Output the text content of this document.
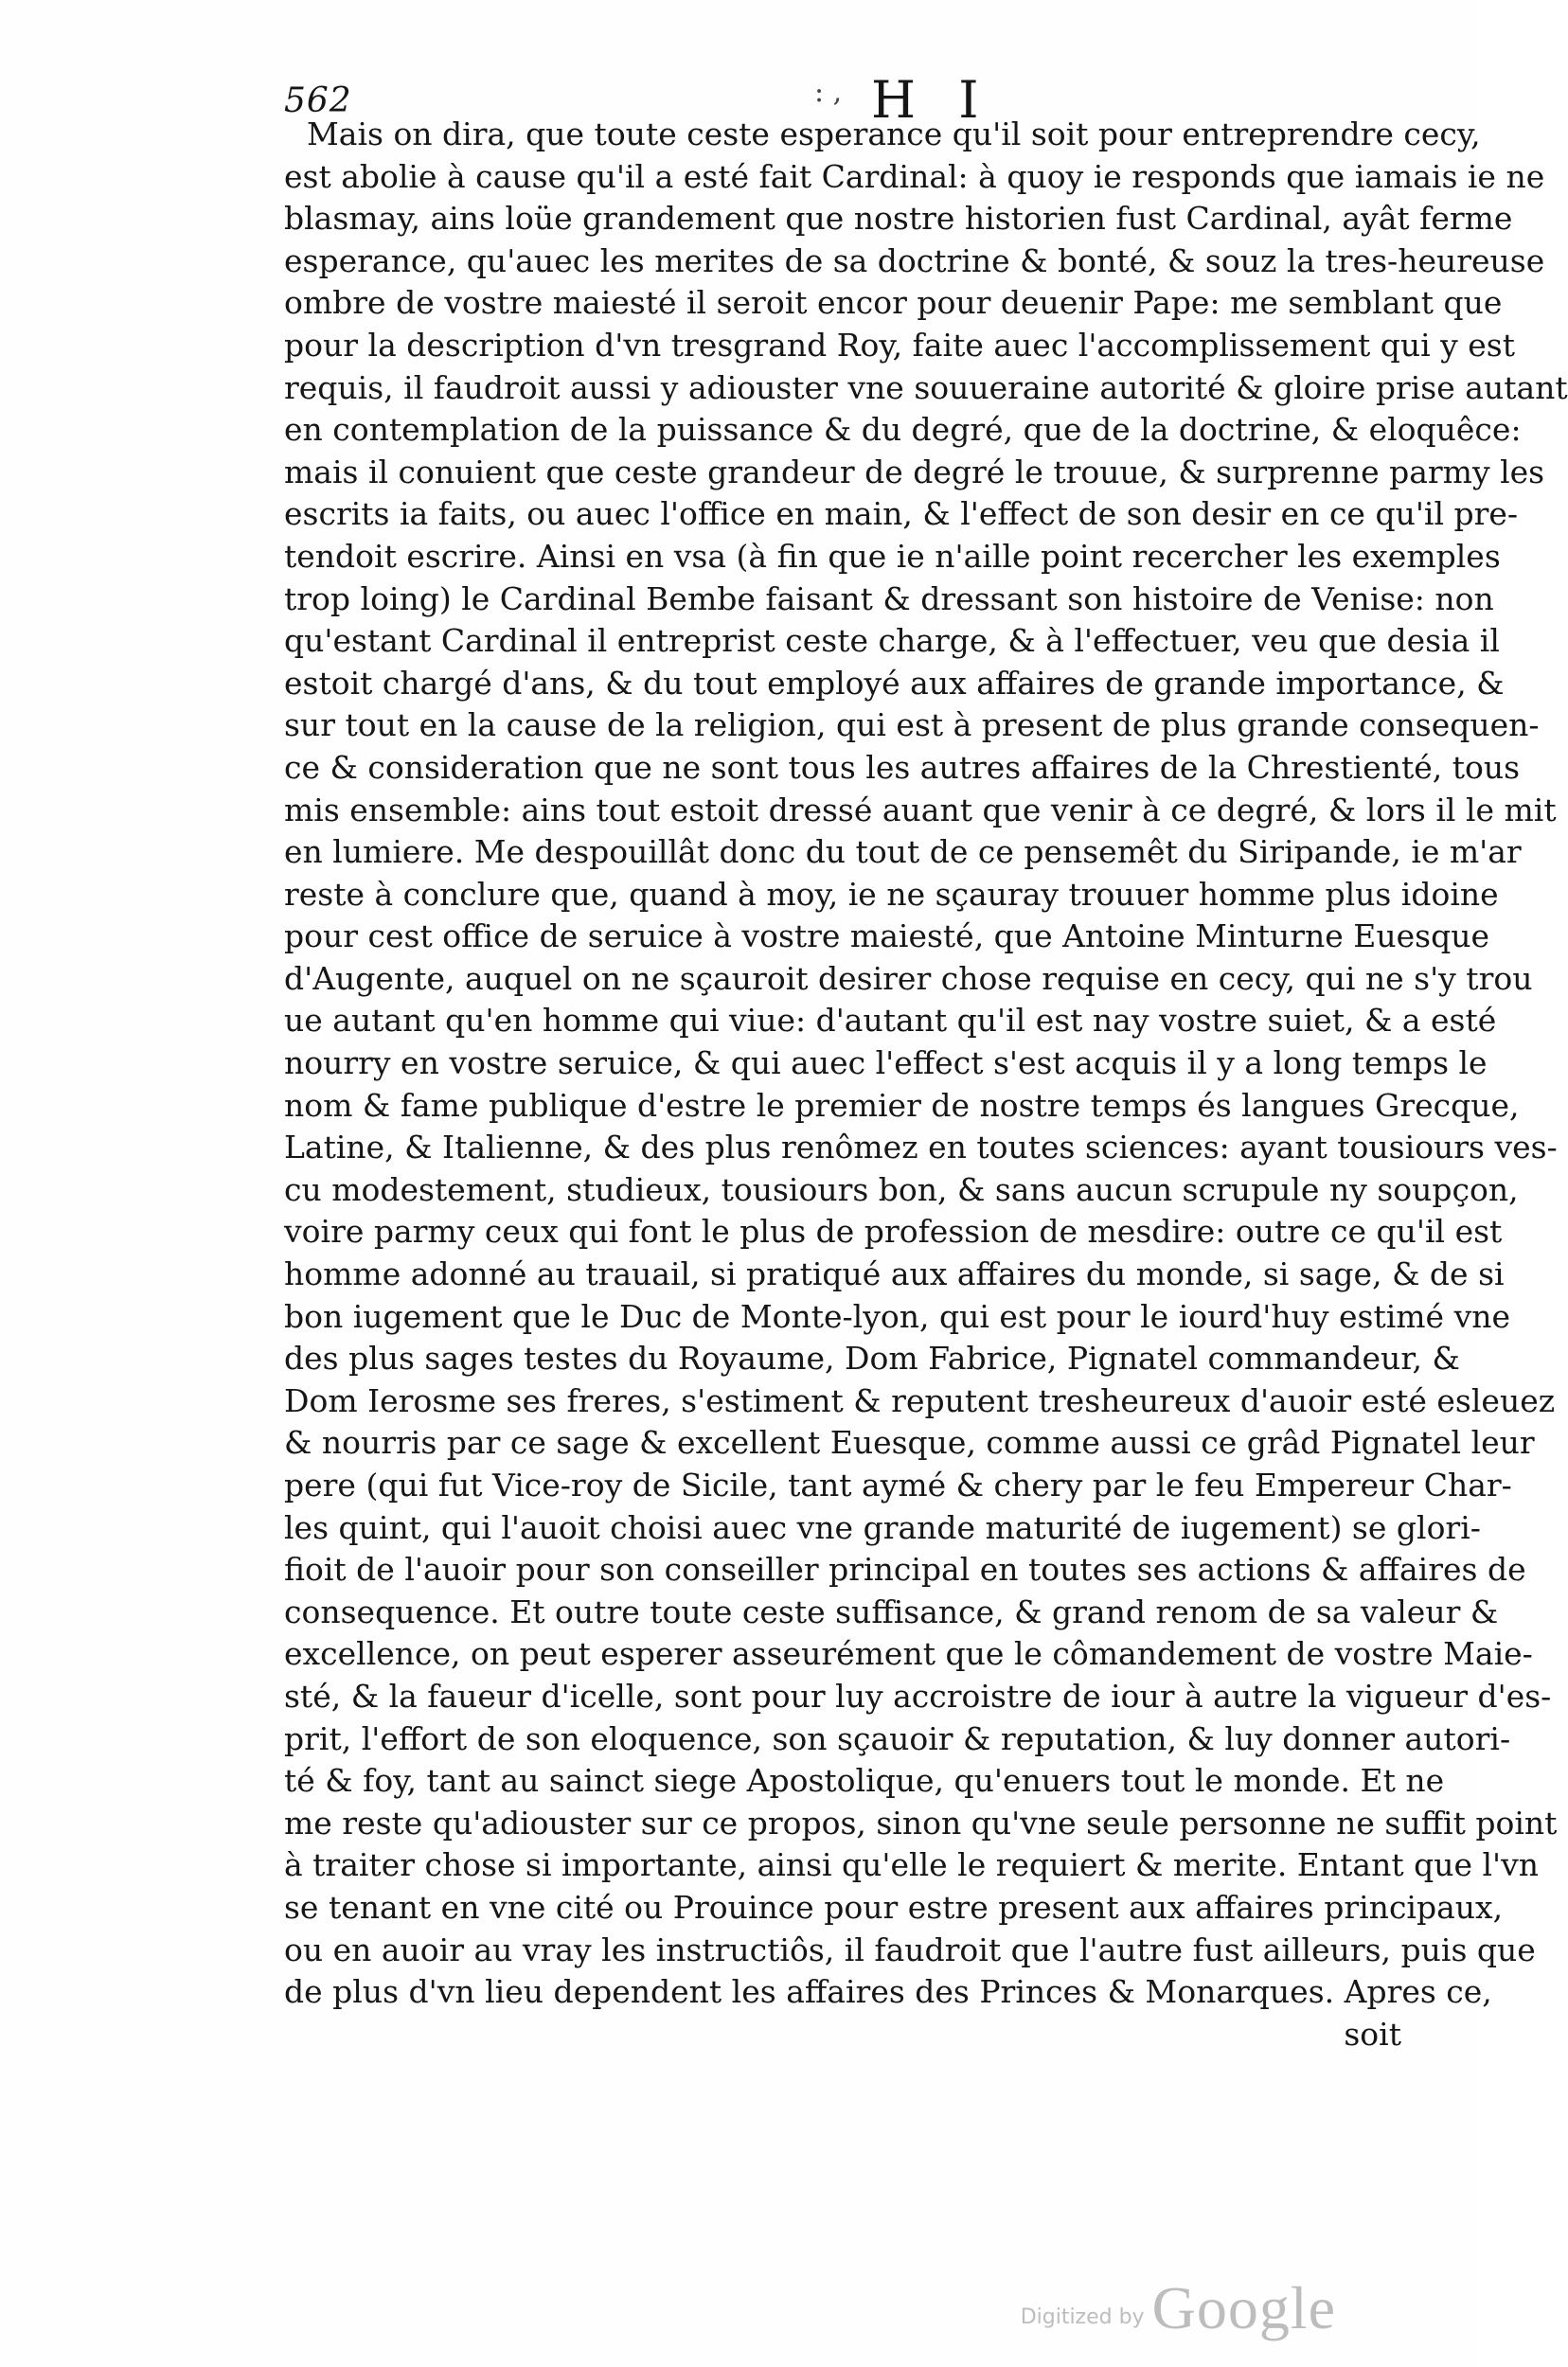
562	: , H I
Mais on dira, que toute ceste esperance qu'il soit pour entreprendre cecy,
est abolie à cause qu'il a esté fait Cardinal: à quoy ie responds que iamais ie ne
blasmay, ains loüe grandement que nostre historien fust Cardinal, ayât ferme
esperance, qu'auec les merites de sa doctrine & bonté, & souz la tres-heureuse
ombre de vostre maiesté il seroit encor pour deuenir Pape: me semblant que
pour la description d'vn tresgrand Roy, faite auec l'accomplissement qui y est
requis, il faudroit aussi y adiouster vne souueraine autorité & gloire prise autant
en contemplation de la puissance & du degré, que de la doctrine, & eloquêce:
mais il conuient que ceste grandeur de degré le trouue, & surprenne parmy les
escrits ia faits, ou auec l'office en main, & l'effect de son desir en ce qu'il pre-
tendoit escrire. Ainsi en vsa (à fin que ie n'aille point recercher les exemples
trop loing) le Cardinal Bembe faisant & dressant son histoire de Venise: non
qu'estant Cardinal il entreprist ceste charge, & à l'effectuer, veu que desia il
estoit chargé d'ans, & du tout employé aux affaires de grande importance, &
sur tout en la cause de la religion, qui est à present de plus grande consequen-
ce & consideration que ne sont tous les autres affaires de la Chrestienté, tous
mis ensemble: ains tout estoit dressé auant que venir à ce degré, & lors il le mit
en lumiere. Me despouillât donc du tout de ce pensemêt du Siripande, ie m'ar
reste à conclure que, quand à moy, ie ne sçauray trouuer homme plus idoine
pour cest office de seruice à vostre maiesté, que Antoine Minturne Euesque
d'Augente, auquel on ne sçauroit desirer chose requise en cecy, qui ne s'y trou
ue autant qu'en homme qui viue: d'autant qu'il est nay vostre suiet, & a esté
nourry en vostre seruice, & qui auec l'effect s'est acquis il y a long temps le
nom & fame publique d'estre le premier de nostre temps és langues Grecque,
Latine, & Italienne, & des plus renômez en toutes sciences: ayant tousiours ves-
cu modestement, studieux, tousiours bon, & sans aucun scrupule ny soupçon,
voire parmy ceux qui font le plus de profession de mesdire: outre ce qu'il est
homme adonné au trauail, si pratiqué aux affaires du monde, si sage, & de si
bon iugement que le Duc de Monte-lyon, qui est pour le iourd'huy estimé vne
des plus sages testes du Royaume, Dom Fabrice, Pignatel commandeur, &
Dom Ierosme ses freres, s'estiment & reputent tresheureux d'auoir esté esleuez
& nourris par ce sage & excellent Euesque, comme aussi ce grâd Pignatel leur
pere (qui fut Vice-roy de Sicile, tant aymé & chery par le feu Empereur Char-
les quint, qui l'auoit choisi auec vne grande maturité de iugement) se glori-
fioit de l'auoir pour son conseiller principal en toutes ses actions & affaires de
consequence. Et outre toute ceste suffisance, & grand renom de sa valeur &
excellence, on peut esperer asseurément que le cômandement de vostre Maie-
sté, & la faueur d'icelle, sont pour luy accroistre de iour à autre la vigueur d'es-
prit, l'effort de son eloquence, son sçauoir & reputation, & luy donner autori-
té & foy, tant au sainct siege Apostolique, qu'enuers tout le monde. Et ne
me reste qu'adiouster sur ce propos, sinon qu'vne seule personne ne suffit point
à traiter chose si importante, ainsi qu'elle le requiert & merite. Entant que l'vn
se tenant en vne cité ou Prouince pour estre present aux affaires principaux,
ou en auoir au vray les instructiôs, il faudroit que l'autre fust ailleurs, puis que
de plus d'vn lieu dependent les affaires des Princes & Monarques. Apres ce,
soit
Digitized by Google
